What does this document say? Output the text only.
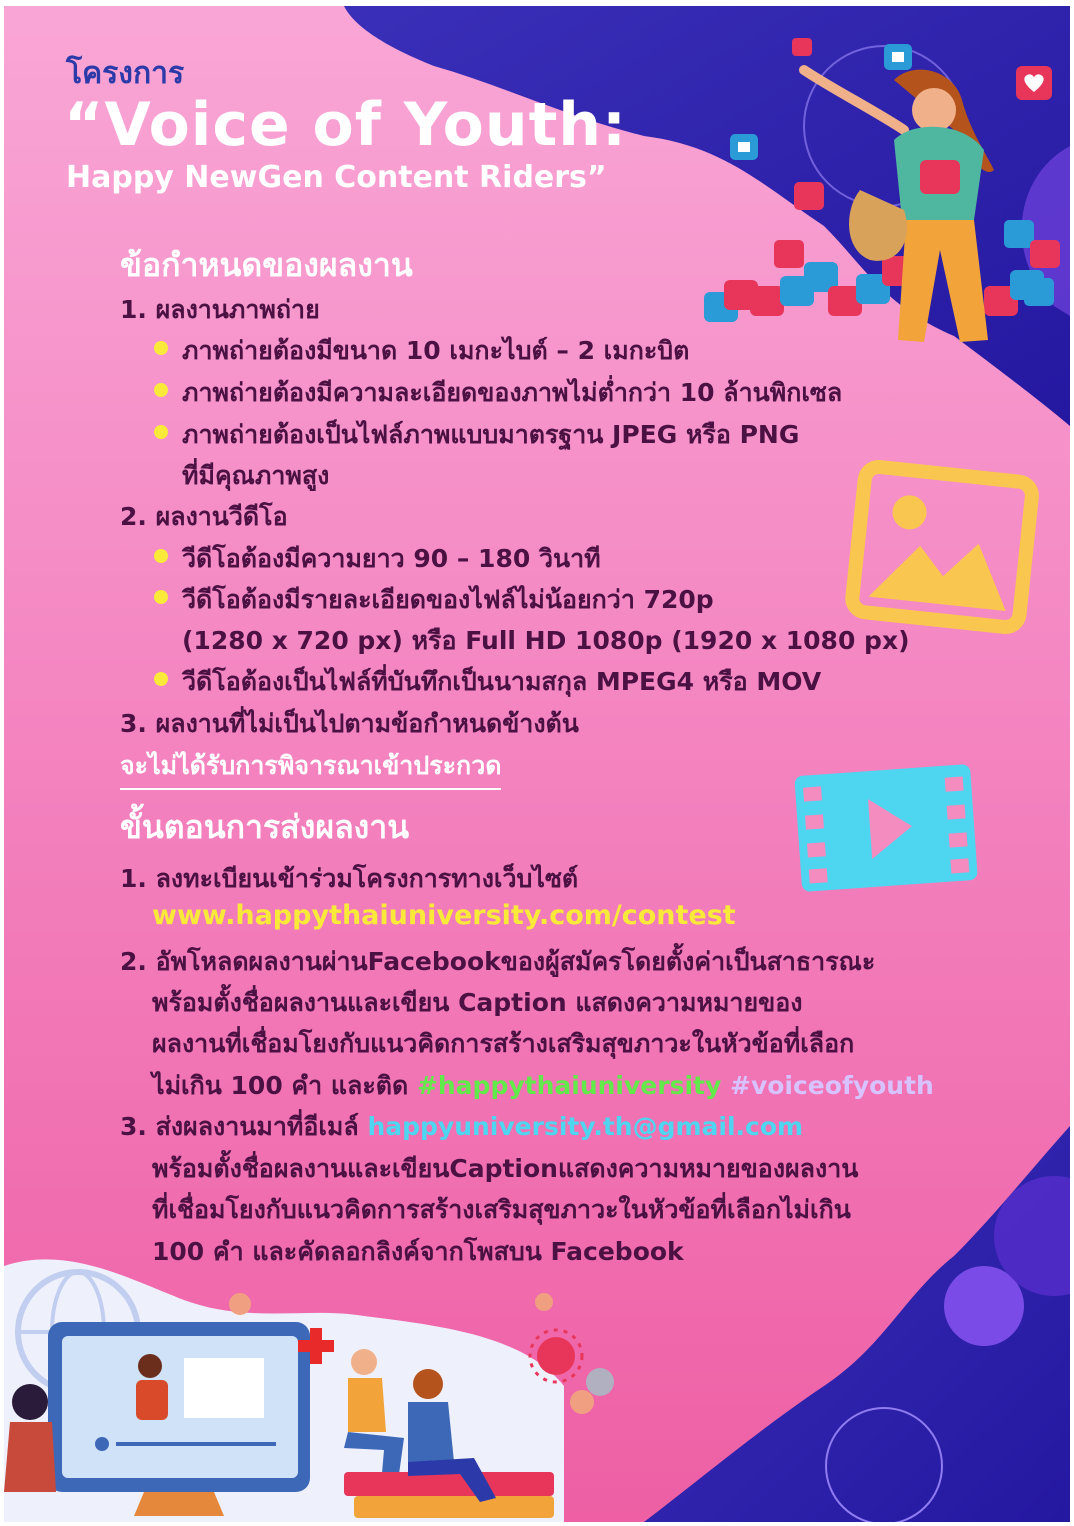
โครงการ
“Voice of Youth:
Happy NewGen Content Riders”
ข้อกำหนดของผลงาน
1. ผลงานภาพถ่าย
ภาพถ่ายต้องมีขนาด 10 เมกะไบต์ – 2 เมกะบิต
ภาพถ่ายต้องมีความละเอียดของภาพไม่ต่ำกว่า 10 ล้านพิกเซล
ภาพถ่ายต้องเป็นไฟล์ภาพแบบมาตรฐาน JPEG หรือ PNG
ที่มีคุณภาพสูง
2. ผลงานวีดีโอ
วีดีโอต้องมีความยาว 90 – 180 วินาที
วีดีโอต้องมีรายละเอียดของไฟล์ไม่น้อยกว่า 720p
(1280 x 720 px) หรือ Full HD 1080p (1920 x 1080 px)
วีดีโอต้องเป็นไฟล์ที่บันทึกเป็นนามสกุล MPEG4 หรือ MOV
3. ผลงานที่ไม่เป็นไปตามข้อกำหนดข้างต้น
จะไม่ได้รับการพิจารณาเข้าประกวด
ขั้นตอนการส่งผลงาน
1. ลงทะเบียนเข้าร่วมโครงการทางเว็บไซต์
www.happythaiuniversity.com/contest
2. อัพโหลดผลงานผ่านFacebookของผู้สมัครโดยตั้งค่าเป็นสาธารณะ
พร้อมตั้งชื่อผลงานและเขียน Caption แสดงความหมายของ
ผลงานที่เชื่อมโยงกับแนวคิดการสร้างเสริมสุขภาวะในหัวข้อที่เลือก
ไม่เกิน 100 คำ และติด #happythaiuniversity #voiceofyouth
3. ส่งผลงานมาที่อีเมล์ happyuniversity.th@gmail.com
พร้อมตั้งชื่อผลงานและเขียนCaptionแสดงความหมายของผลงาน
ที่เชื่อมโยงกับแนวคิดการสร้างเสริมสุขภาวะในหัวข้อที่เลือกไม่เกิน
100 คำ และคัดลอกลิงค์จากโพสบน Facebook
